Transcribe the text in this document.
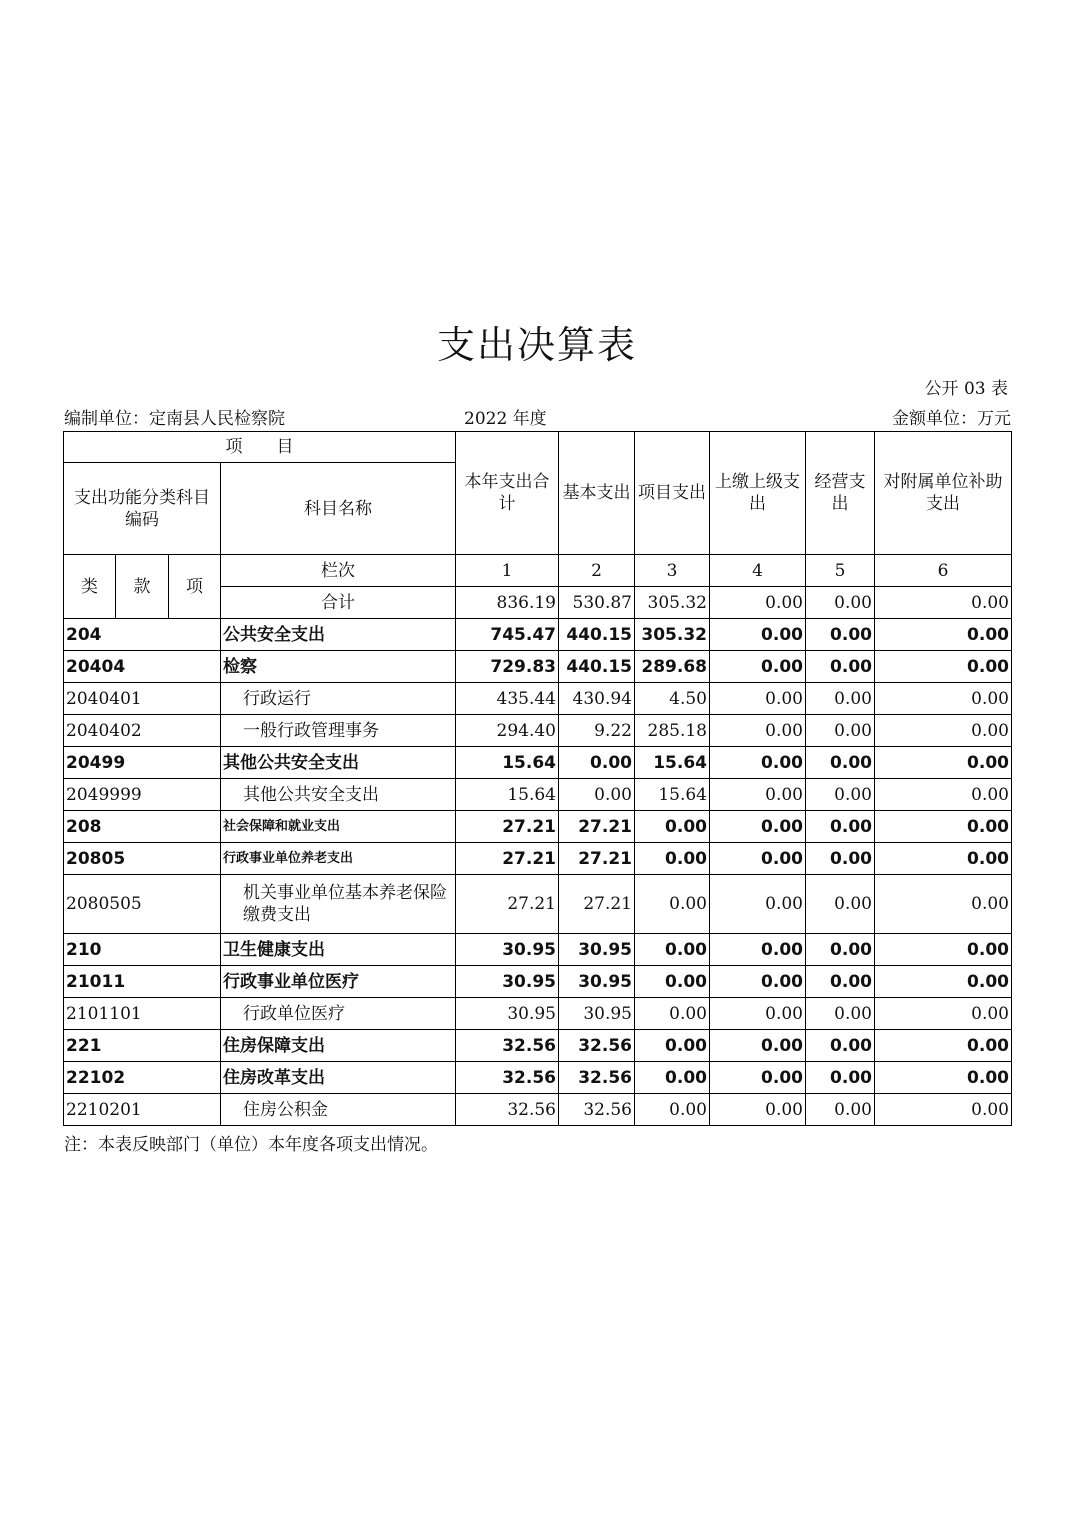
支出决算表
公开 03 表
编制单位：定南县人民检察院	2022 年度	金额单位：万元
项　　目				本年支出合计	基本支出	项目支出	上缴上级支出	经营支出	对附属单位补助支出
支出功能分类科目编码			科目名称						
类	款	项	栏次	1	2	3	4	5	6
			合计	836.19	530.87	305.32	0.00	0.00	0.00
204			公共安全支出	745.47	440.15	305.32	0.00	0.00	0.00
20404			检察	729.83	440.15	289.68	0.00	0.00	0.00
2040401			行政运行	435.44	430.94	4.50	0.00	0.00	0.00
2040402			一般行政管理事务	294.40	9.22	285.18	0.00	0.00	0.00
20499			其他公共安全支出	15.64	0.00	15.64	0.00	0.00	0.00
2049999			其他公共安全支出	15.64	0.00	15.64	0.00	0.00	0.00
208			社会保障和就业支出	27.21	27.21	0.00	0.00	0.00	0.00
20805			行政事业单位养老支出	27.21	27.21	0.00	0.00	0.00	0.00
2080505			机关事业单位基本养老保险缴费支出	27.21	27.21	0.00	0.00	0.00	0.00
210			卫生健康支出	30.95	30.95	0.00	0.00	0.00	0.00
21011			行政事业单位医疗	30.95	30.95	0.00	0.00	0.00	0.00
2101101			行政单位医疗	30.95	30.95	0.00	0.00	0.00	0.00
221			住房保障支出	32.56	32.56	0.00	0.00	0.00	0.00
22102			住房改革支出	32.56	32.56	0.00	0.00	0.00	0.00
2210201			住房公积金	32.56	32.56	0.00	0.00	0.00	0.00
注：本表反映部门（单位）本年度各项支出情况。
